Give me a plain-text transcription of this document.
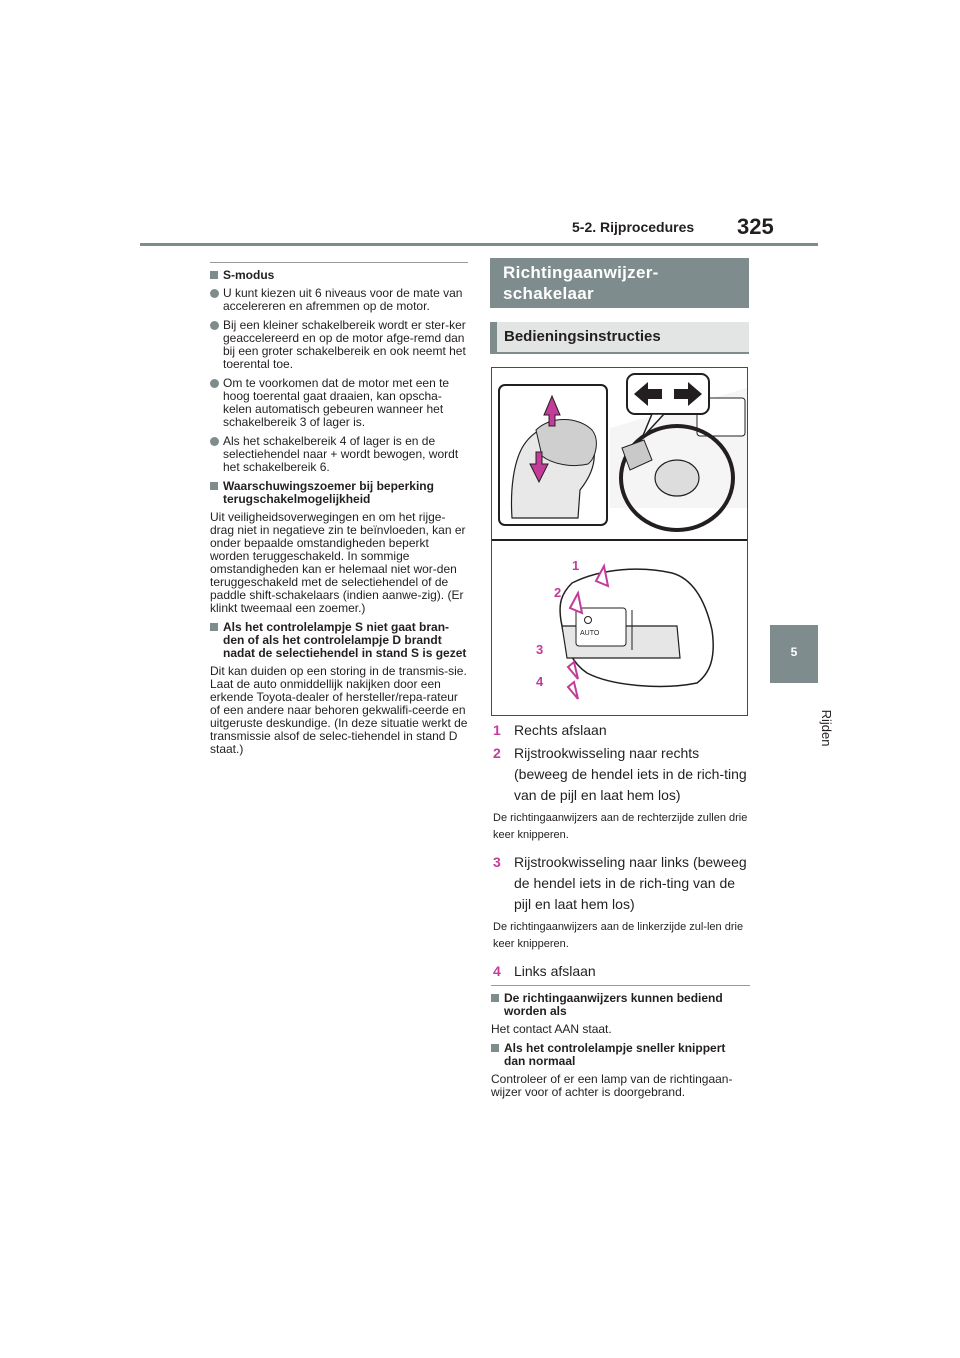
5-2. Rijprocedures 325
5
Rijden
S-modus
U kunt kiezen uit 6 niveaus voor de mate van accelereren en afremmen op de motor.
Bij een kleiner schakelbereik wordt er ster-ker geaccelereerd en op de motor afge-remd dan bij een groter schakelbereik en ook neemt het toerental toe.
Om te voorkomen dat de motor met een te hoog toerental gaat draaien, kan opscha-kelen automatisch gebeuren wanneer het schakelbereik 3 of lager is.
Als het schakelbereik 4 of lager is en de selectiehendel naar + wordt bewogen, wordt het schakelbereik 6.
Waarschuwingszoemer bij beperking terugschakelmogelijkheid
Uit veiligheidsoverwegingen en om het rijge-drag niet in negatieve zin te beïnvloeden, kan er onder bepaalde omstandigheden beperkt worden teruggeschakeld. In sommige omstandigheden kan er helemaal niet wor-den teruggeschakeld met de selectiehendel of de paddle shift-schakelaars (indien aanwe-zig). (Er klinkt tweemaal een zoemer.)
Als het controlelampje S niet gaat bran-den of als het controlelampje D brandt nadat de selectiehendel in stand S is gezet
Dit kan duiden op een storing in de transmis-sie. Laat de auto onmiddellijk nakijken door een erkende Toyota-dealer of hersteller/repa-rateur of een andere naar behoren gekwalifi-ceerde en uitgeruste deskundige. (In deze situatie werkt de transmissie alsof de selec-tiehendel in stand D staat.)
Richtingaanwijzer-schakelaar
Bedieningsinstructies
AUTO
1
2
3
4
1 Rechts afslaan
2 Rijstrookwisseling naar rechts (beweeg de hendel iets in de rich-ting van de pijl en laat hem los)
De richtingaanwijzers aan de rechterzijde zullen drie keer knipperen.
3 Rijstrookwisseling naar links (beweeg de hendel iets in de rich-ting van de pijl en laat hem los)
De richtingaanwijzers aan de linkerzijde zul-len drie keer knipperen.
4 Links afslaan
De richtingaanwijzers kunnen bediend worden als
Het contact AAN staat.
Als het controlelampje sneller knippert dan normaal
Controleer of er een lamp van de richtingaan-wijzer voor of achter is doorgebrand.
